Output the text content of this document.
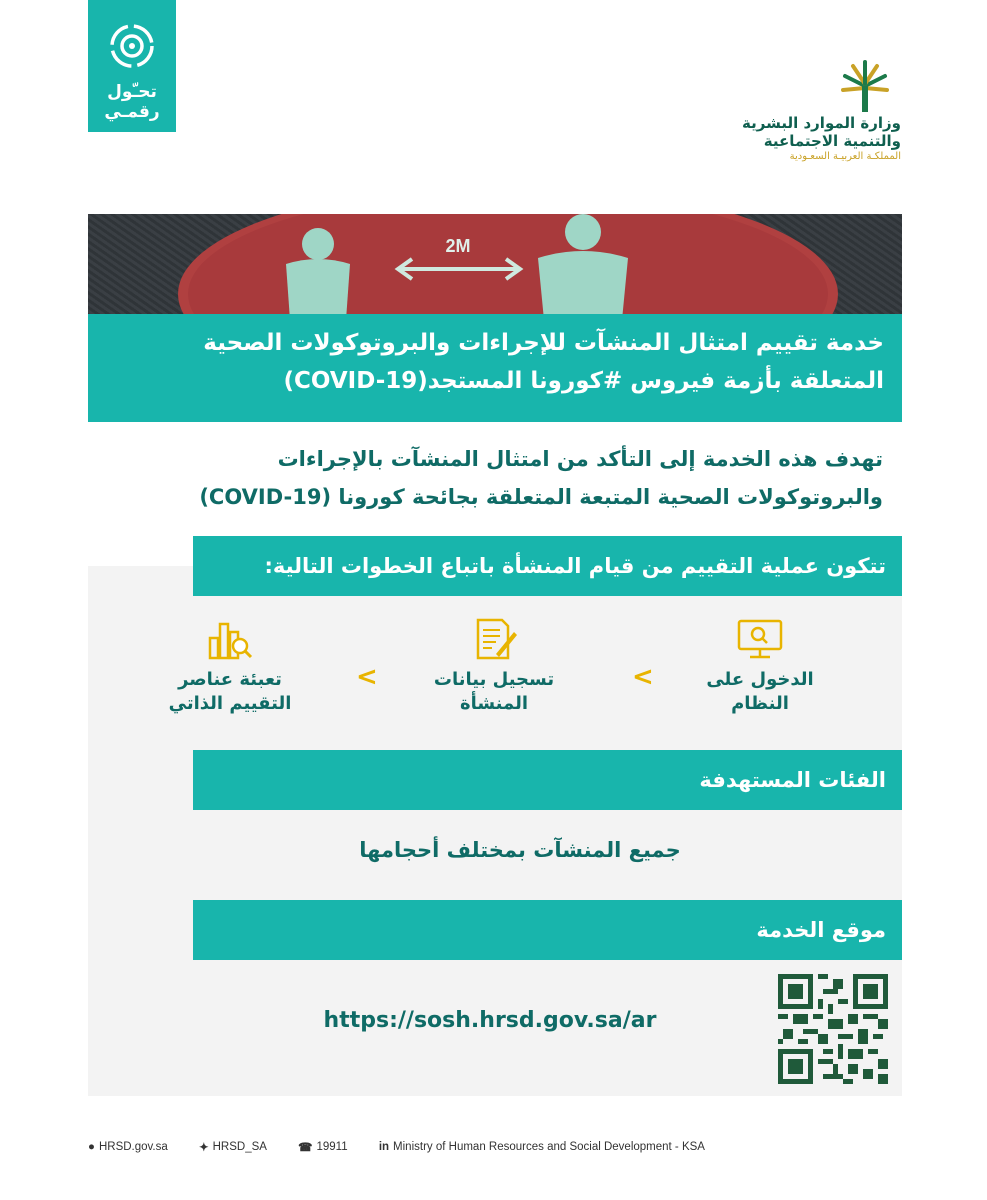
تحـّول
رقمـي
وزارة الموارد البشرية
والتنمية الاجتماعية
المملكـة العربيـة السعـودية
2M
خدمة تقييم امتثال المنشآت للإجراءات والبروتوكولات الصحية
المتعلقة بأزمة فيروس #كورونا المستجد(COVID-19)
تهدف هذه الخدمة إلى التأكد من امتثال المنشآت بالإجراءات
والبروتوكولات الصحية المتبعة المتعلقة بجائحة كورونا (COVID-19)
تتكون عملية التقييم من قيام المنشأة باتباع الخطوات التالية:
الدخول على
النظام
<
تسجيل بيانات
المنشأة
<
تعبئة عناصر
التقييم الذاتي
الفئات المستهدفة
جميع المنشآت بمختلف أحجامها
موقع الخدمة
https://sosh.hrsd.gov.sa/ar
● HRSD.gov.sa	✦ HRSD_SA	☎ 19911	in Ministry of Human Resources and Social Development - KSA
